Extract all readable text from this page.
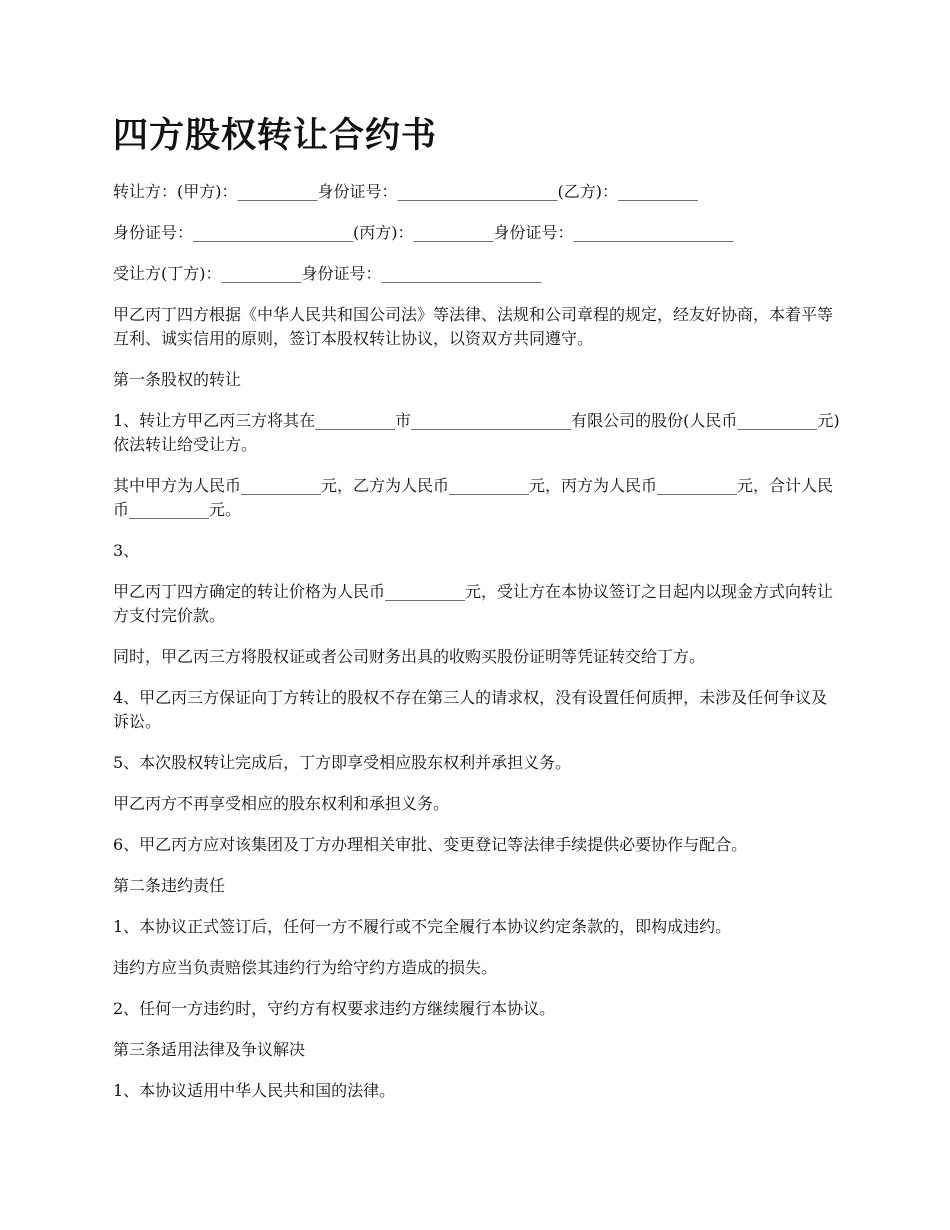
四方股权转让合约书

转让方：(甲方)：__________身份证号：____________________(乙方)：__________

身份证号：____________________(丙方)：__________身份证号：____________________

受让方(丁方)：__________身份证号：____________________

甲乙丙丁四方根据《中华人民共和国公司法》等法律、法规和公司章程的规定，经友好协商，本着平等互利、诚实信用的原则，签订本股权转让协议，以资双方共同遵守。

第一条股权的转让

1、转让方甲乙丙三方将其在__________市____________________有限公司的股份(人民币__________元)依法转让给受让方。

其中甲方为人民币__________元，乙方为人民币__________元，丙方为人民币__________元，合计人民币__________元。

3、

甲乙丙丁四方确定的转让价格为人民币__________元，受让方在本协议签订之日起内以现金方式向转让方支付完价款。

同时，甲乙丙三方将股权证或者公司财务出具的收购买股份证明等凭证转交给丁方。

4、甲乙丙三方保证向丁方转让的股权不存在第三人的请求权，没有设置任何质押，未涉及任何争议及诉讼。

5、本次股权转让完成后，丁方即享受相应股东权利并承担义务。

甲乙丙方不再享受相应的股东权利和承担义务。

6、甲乙丙方应对该集团及丁方办理相关审批、变更登记等法律手续提供必要协作与配合。

第二条违约责任

1、本协议正式签订后，任何一方不履行或不完全履行本协议约定条款的，即构成违约。

违约方应当负责赔偿其违约行为给守约方造成的损失。

2、任何一方违约时，守约方有权要求违约方继续履行本协议。

第三条适用法律及争议解决

1、本协议适用中华人民共和国的法律。
